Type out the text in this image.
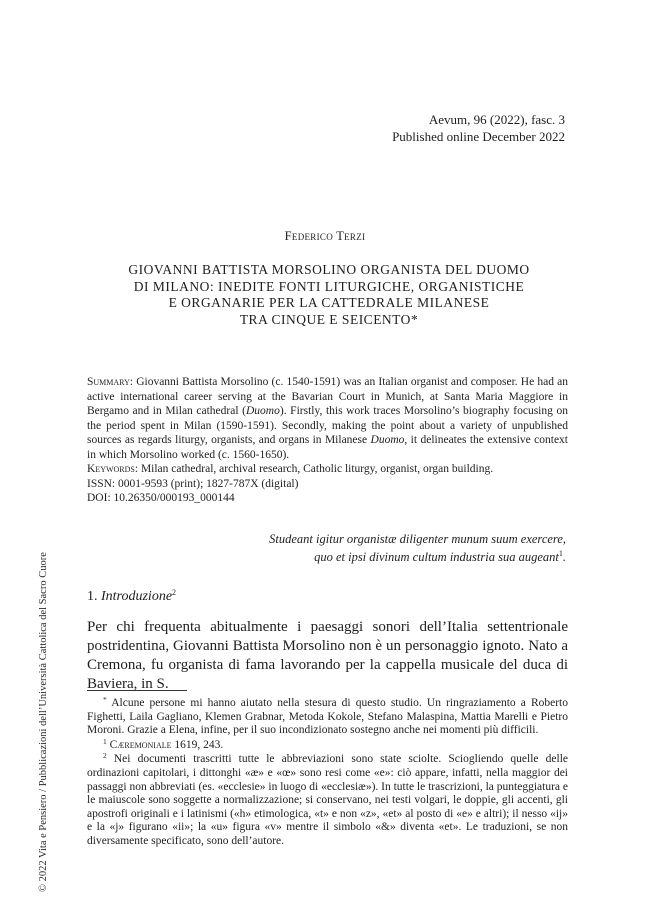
Aevum, 96 (2022), fasc. 3
Published online December 2022
Federico Terzi
GIOVANNI BATTISTA MORSOLINO ORGANISTA DEL DUOMO
DI MILANO: INEDITE FONTI LITURGICHE, ORGANISTICHE
E ORGANARIE PER LA CATTEDRALE MILANESE
TRA CINQUE E SEICENTO*
Summary: Giovanni Battista Morsolino (c. 1540-1591) was an Italian organist and composer. He had an active international career serving at the Bavarian Court in Munich, at Santa Maria Maggiore in Bergamo and in Milan cathedral (Duomo). Firstly, this work traces Morsolino’s biography focusing on the period spent in Milan (1590-1591). Secondly, making the point about a variety of unpublished sources as regards liturgy, organists, and organs in Milanese Duomo, it delineates the extensive context in which Morsolino worked (c. 1560-1650).
Keywords: Milan cathedral, archival research, Catholic liturgy, organist, organ building.
ISSN: 0001-9593 (print); 1827-787X (digital)
DOI: 10.26350/000193_000144
Studeant igitur organistæ diligenter munum suum exercere,
quo et ipsi divinum cultum industria sua augeant$^1$.
1. Introduzione$^2$
Per chi frequenta abitualmente i paesaggi sonori dell’Italia settentrionale postridentina, Giovanni Battista Morsolino non è un personaggio ignoto. Nato a Cremona, fu organista di fama lavorando per la cappella musicale del duca di Baviera, in S.

* Alcune persone mi hanno aiutato nella stesura di questo studio. Un ringraziamento a Roberto Fighetti, Laila Gagliano, Klemen Grabnar, Metoda Kokole, Stefano Malaspina, Mattia Marelli e Pietro Moroni. Grazie a Elena, infine, per il suo incondizionato sostegno anche nei momenti più difficili.

$^1$ Cæremoniale 1619, 243.

$^2$ Nei documenti trascritti tutte le abbreviazioni sono state sciolte. Sciogliendo quelle delle ordinazioni capitolari, i dittonghi «æ» e «œ» sono resi come «e»: ciò appare, infatti, nella maggior dei passaggi non abbreviati (es. «ecclesie» in luogo di «ecclesiæ»). In tutte le trascrizioni, la punteggiatura e le maiuscole sono soggette a normalizzazione; si conservano, nei testi volgari, le doppie, gli accenti, gli apostrofi originali e i latinismi («h» etimologica, «t» e non «z», «et» al posto di «e» e altri); il nesso «ij» e la «j» figurano «ii»; la «u» figura «v» mentre il simbolo «&» diventa «et». Le traduzioni, se non diversamente specificato, sono dell’autore.

© 2022 Vita e Pensiero / Pubblicazioni dell’Università Cattolica del Sacro Cuore
